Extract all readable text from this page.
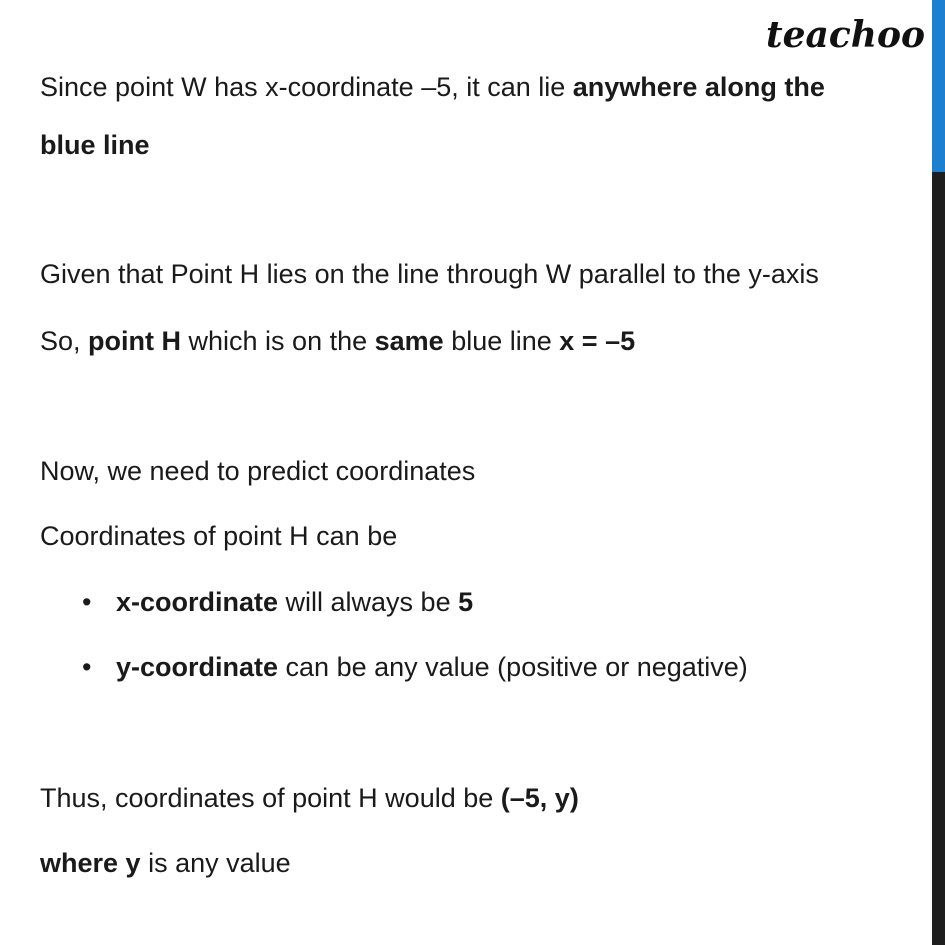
teachoo
Since point W has x-coordinate –5, it can lie anywhere along the
blue line
Given that Point H lies on the line through W parallel to the y-axis
So, point H which is on the same blue line x = –5
Now, we need to predict coordinates
Coordinates of point H can be
• x-coordinate will always be 5
• y-coordinate can be any value (positive or negative)
Thus, coordinates of point H would be (–5, y)
where y is any value
